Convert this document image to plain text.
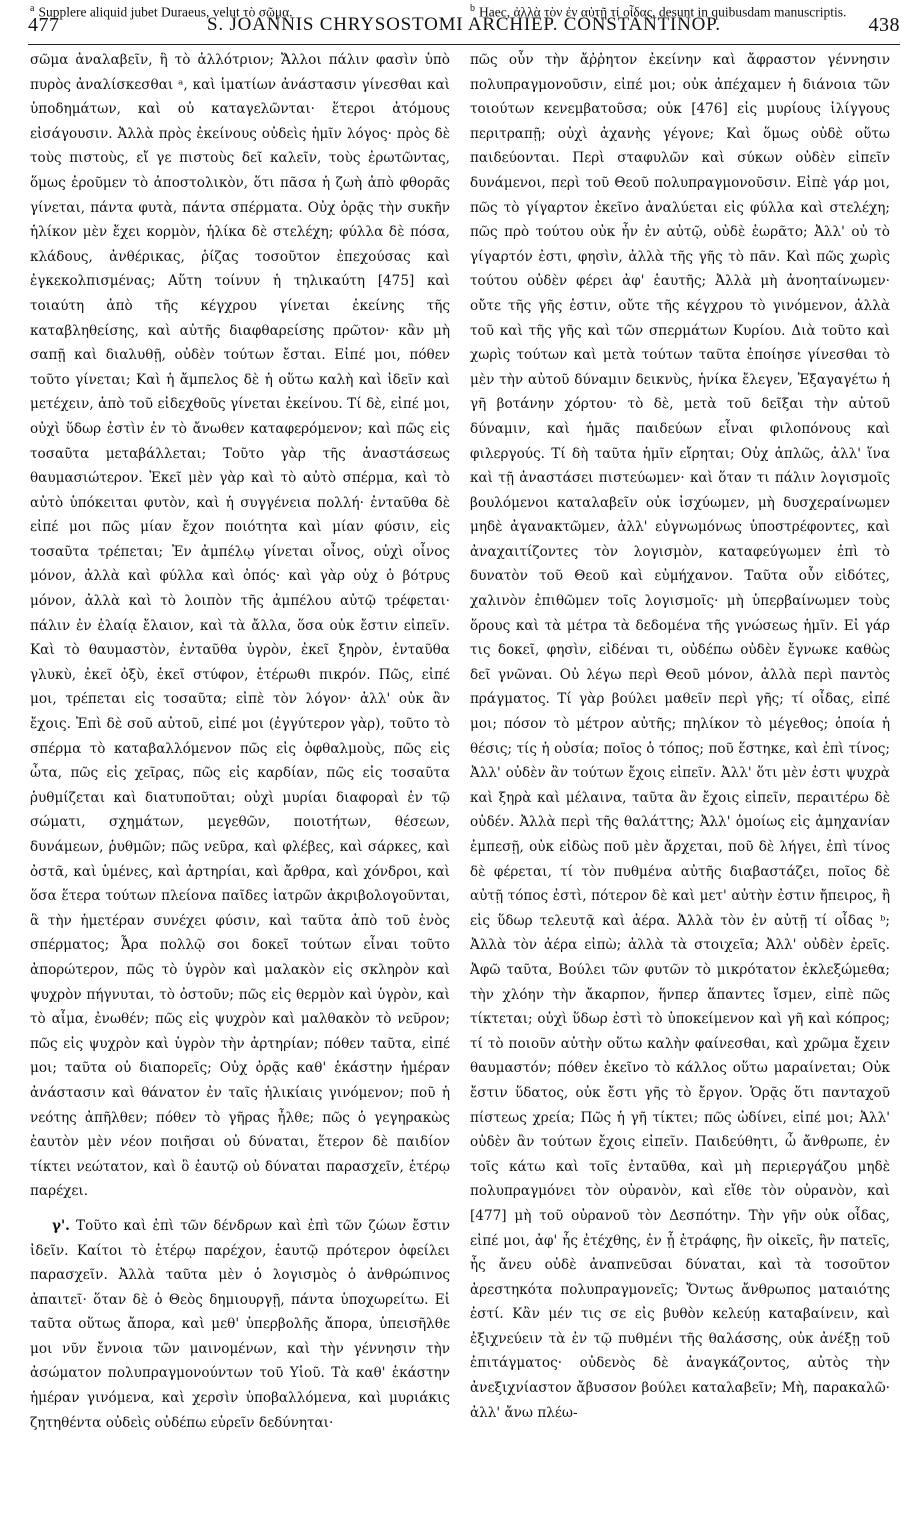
477	S. JOANNIS CHRYSOSTOMI ARCHIEP. CONSTANTINOP.	438

σῶμα ἀναλαβεῖν, ἢ τὸ ἀλλότριον; Ἄλλοι πάλιν φασὶν ὑπὸ πυρὸς ἀναλίσκεσθαι ᵃ, καὶ ἱματίων ἀνάστασιν γίνεσθαι καὶ ὑποδημάτων, καὶ οὐ καταγελῶνται· ἕτεροι ἀτόμους εἰσάγουσιν. Ἀλλὰ πρὸς ἐκείνους οὐδεὶς ἡμῖν λόγος· πρὸς δὲ τοὺς πιστοὺς, εἴ γε πιστοὺς δεῖ καλεῖν, τοὺς ἐρωτῶντας, ὅμως ἐροῦμεν τὸ ἀποστολικὸν, ὅτι πᾶσα ἡ ζωὴ ἀπὸ φθορᾶς γίνεται, πάντα φυτὰ, πάντα σπέρματα. Οὐχ ὁρᾷς τὴν συκῆν ἡλίκον μὲν ἔχει κορμὸν, ἡλίκα δὲ στελέχη; φύλλα δὲ πόσα, κλάδους, ἀνθέρικας, ῥίζας τοσοῦτον ἐπεχούσας καὶ ἐγκεκολπισμένας; Αὕτη τοίνυν ἡ τηλικαύτη [475] καὶ τοιαύτη ἀπὸ τῆς κέγχρου γίνεται ἐκείνης τῆς καταβληθείσης, καὶ αὐτῆς διαφθαρείσης πρῶτον· κἂν μὴ σαπῇ καὶ διαλυθῇ, οὐδὲν τούτων ἔσται. Εἰπέ μοι, πόθεν τοῦτο γίνεται; Καὶ ἡ ἄμπελος δὲ ἡ οὕτω καλὴ καὶ ἰδεῖν καὶ μετέχειν, ἀπὸ τοῦ εἰδεχθοῦς γίνεται ἐκείνου. Τί δὲ, εἰπέ μοι, οὐχὶ ὕδωρ ἐστὶν ἐν τὸ ἄνωθεν καταφερόμενον; καὶ πῶς εἰς τοσαῦτα μεταβάλλεται; Τοῦτο γὰρ τῆς ἀναστάσεως θαυμασιώτερον. Ἐκεῖ μὲν γὰρ καὶ τὸ αὐτὸ σπέρμα, καὶ τὸ αὐτὸ ὑπόκειται φυτὸν, καὶ ἡ συγγένεια πολλή· ἐνταῦθα δὲ εἰπέ μοι πῶς μίαν ἔχον ποιότητα καὶ μίαν φύσιν, εἰς τοσαῦτα τρέπεται; Ἐν ἀμπέλῳ γίνεται οἶνος, οὐχὶ οἶνος μόνον, ἀλλὰ καὶ φύλλα καὶ ὀπός· καὶ γὰρ οὐχ ὁ βότρυς μόνον, ἀλλὰ καὶ τὸ λοιπὸν τῆς ἀμπέλου αὐτῷ τρέφεται· πάλιν ἐν ἐλαίᾳ ἔλαιον, καὶ τὰ ἄλλα, ὅσα οὐκ ἔστιν εἰπεῖν. Καὶ τὸ θαυμαστὸν, ἐνταῦθα ὑγρὸν, ἐκεῖ ξηρὸν, ἐνταῦθα γλυκὺ, ἐκεῖ ὀξὺ, ἐκεῖ στύφον, ἑτέρωθι πικρόν. Πῶς, εἰπέ μοι, τρέπεται εἰς τοσαῦτα; εἰπὲ τὸν λόγον· ἀλλ' οὐκ ἂν ἔχοις. Ἐπὶ δὲ σοῦ αὐτοῦ, εἰπέ μοι (ἐγγύτερον γὰρ), τοῦτο τὸ σπέρμα τὸ καταβαλλόμενον πῶς εἰς ὀφθαλμοὺς, πῶς εἰς ὦτα, πῶς εἰς χεῖρας, πῶς εἰς καρδίαν, πῶς εἰς τοσαῦτα ῥυθμίζεται καὶ διατυποῦται; οὐχὶ μυρίαι διαφοραὶ ἐν τῷ σώματι, σχημάτων, μεγεθῶν, ποιοτήτων, θέσεων, δυνάμεων, ῥυθμῶν; πῶς νεῦρα, καὶ φλέβες, καὶ σάρκες, καὶ ὀστᾶ, καὶ ὑμένες, καὶ ἀρτηρίαι, καὶ ἄρθρα, καὶ χόνδροι, καὶ ὅσα ἕτερα τούτων πλείονα παῖδες ἰατρῶν ἀκριβολογοῦνται, ἃ τὴν ἡμετέραν συνέχει φύσιν, καὶ ταῦτα ἀπὸ τοῦ ἑνὸς σπέρματος; Ἆρα πολλῷ σοι δοκεῖ τούτων εἶναι τοῦτο ἀπορώτερον, πῶς τὸ ὑγρὸν καὶ μαλακὸν εἰς σκληρὸν καὶ ψυχρὸν πήγνυται, τὸ ὀστοῦν; πῶς εἰς θερμὸν καὶ ὑγρὸν, καὶ τὸ αἷμα, ἐνωθέν; πῶς εἰς ψυχρὸν καὶ μαλθακὸν τὸ νεῦρον; πῶς εἰς ψυχρὸν καὶ ὑγρὸν τὴν ἀρτηρίαν; πόθεν ταῦτα, εἰπέ μοι; ταῦτα οὐ διαπορεῖς; Οὐχ ὁρᾷς καθ' ἑκάστην ἡμέραν ἀνάστασιν καὶ θάνατον ἐν ταῖς ἡλικίαις γινόμενον; ποῦ ἡ νεότης ἀπῆλθεν; πόθεν τὸ γῆρας ἦλθε; πῶς ὁ γεγηρακὼς ἑαυτὸν μὲν νέον ποιῆσαι οὐ δύναται, ἕτερον δὲ παιδίον τίκτει νεώτατον, καὶ ὃ ἑαυτῷ οὐ δύναται παρασχεῖν, ἑτέρῳ παρέχει.

γ'. Τοῦτο καὶ ἐπὶ τῶν δένδρων καὶ ἐπὶ τῶν ζώων ἔστιν ἰδεῖν. Καίτοι τὸ ἑτέρῳ παρέχον, ἑαυτῷ πρότερον ὀφείλει παρασχεῖν. Ἀλλὰ ταῦτα μὲν ὁ λογισμὸς ὁ ἀνθρώπινος ἀπαιτεῖ· ὅταν δὲ ὁ Θεὸς δημιουργῇ, πάντα ὑποχωρείτω. Εἰ ταῦτα οὕτως ἄπορα, καὶ μεθ' ὑπερβολῆς ἄπορα, ὑπεισῆλθε μοι νῦν ἔννοια τῶν μαινομένων, καὶ τὴν γέννησιν τὴν ἀσώματον πολυπραγμονούντων τοῦ Υἱοῦ. Τὰ καθ' ἑκάστην ἡμέραν γινόμενα, καὶ χερσὶν ὑποβαλλόμενα, καὶ μυριάκις ζητηθέντα οὐδεὶς οὐδέπω εὑρεῖν δεδύνηται·

πῶς οὖν τὴν ἄῤῥητον ἐκείνην καὶ ἄφραστον γέννησιν πολυπραγμονοῦσιν, εἰπέ μοι; οὐκ ἀπέχαμεν ἡ διάνοια τῶν τοιούτων κενεμβατοῦσα; οὐκ [476] εἰς μυρίους ἰλίγγους περιτραπῇ; οὐχὶ ἀχανὴς γέγονε; Καὶ ὅμως οὐδὲ οὕτω παιδεύονται. Περὶ σταφυλῶν καὶ σύκων οὐδὲν εἰπεῖν δυνάμενοι, περὶ τοῦ Θεοῦ πολυπραγμονοῦσιν. Εἰπὲ γάρ μοι, πῶς τὸ γίγαρτον ἐκεῖνο ἀναλύεται εἰς φύλλα καὶ στελέχη; πῶς πρὸ τούτου οὐκ ἦν ἐν αὐτῷ, οὐδὲ ἑωρᾶτο; Ἀλλ' οὐ τὸ γίγαρτόν ἐστι, φησὶν, ἀλλὰ τῆς γῆς τὸ πᾶν. Καὶ πῶς χωρὶς τούτου οὐδὲν φέρει ἀφ' ἑαυτῆς; Ἀλλὰ μὴ ἀνοηταίνωμεν· οὔτε τῆς γῆς ἐστιν, οὔτε τῆς κέγχρου τὸ γινόμενον, ἀλλὰ τοῦ καὶ τῆς γῆς καὶ τῶν σπερμάτων Κυρίου. Διὰ τοῦτο καὶ χωρὶς τούτων καὶ μετὰ τούτων ταῦτα ἐποίησε γίνεσθαι τὸ μὲν τὴν αὐτοῦ δύναμιν δεικνὺς, ἡνίκα ἔλεγεν, Ἐξαγαγέτω ἡ γῆ βοτάνην χόρτου· τὸ δὲ, μετὰ τοῦ δεῖξαι τὴν αὐτοῦ δύναμιν, καὶ ἡμᾶς παιδεύων εἶναι φιλοπόνους καὶ φιλεργούς. Τί δὴ ταῦτα ἡμῖν εἴρηται; Οὐχ ἁπλῶς, ἀλλ' ἵνα καὶ τῇ ἀναστάσει πιστεύωμεν· καὶ ὅταν τι πάλιν λογισμοῖς βουλόμενοι καταλαβεῖν οὐκ ἰσχύωμεν, μὴ δυσχεραίνωμεν μηδὲ ἀγανακτῶμεν, ἀλλ' εὐγνωμόνως ὑποστρέφοντες, καὶ ἀναχαιτίζοντες τὸν λογισμὸν, καταφεύγωμεν ἐπὶ τὸ δυνατὸν τοῦ Θεοῦ καὶ εὐμήχανον. Ταῦτα οὖν εἰδότες, χαλινὸν ἐπιθῶμεν τοῖς λογισμοῖς· μὴ ὑπερβαίνωμεν τοὺς ὅρους καὶ τὰ μέτρα τὰ δεδομένα τῆς γνώσεως ἡμῖν. Εἰ γάρ τις δοκεῖ, φησὶν, εἰδέναι τι, οὐδέπω οὐδὲν ἔγνωκε καθὼς δεῖ γνῶναι. Οὐ λέγω περὶ Θεοῦ μόνον, ἀλλὰ περὶ παντὸς πράγματος. Τί γὰρ βούλει μαθεῖν περὶ γῆς; τί οἶδας, εἰπέ μοι; πόσον τὸ μέτρον αὐτῆς; πηλίκον τὸ μέγεθος; ὁποία ἡ θέσις; τίς ἡ οὐσία; ποῖος ὁ τόπος; ποῦ ἕστηκε, καὶ ἐπὶ τίνος; Ἀλλ' οὐδὲν ἂν τούτων ἔχοις εἰπεῖν. Ἀλλ' ὅτι μὲν ἐστι ψυχρὰ καὶ ξηρὰ καὶ μέλαινα, ταῦτα ἂν ἔχοις εἰπεῖν, περαιτέρω δὲ οὐδέν. Ἀλλὰ περὶ τῆς θαλάττης; Ἀλλ' ὁμοίως εἰς ἀμηχανίαν ἐμπεσῇ, οὐκ εἰδὼς ποῦ μὲν ἄρχεται, ποῦ δὲ λήγει, ἐπὶ τίνος δὲ φέρεται, τί τὸν πυθμένα αὐτῆς διαβαστάζει, ποῖος δὲ αὐτῇ τόπος ἐστὶ, πότερον δὲ καὶ μετ' αὐτὴν ἐστιν ἤπειρος, ἢ εἰς ὕδωρ τελευτᾷ καὶ ἀέρα. Ἀλλὰ τὸν ἐν αὐτῇ τί οἶδας ᵇ; Ἀλλὰ τὸν ἀέρα εἰπὼ; ἀλλὰ τὰ στοιχεῖα; Ἀλλ' οὐδὲν ἐρεῖς. Ἀφῶ ταῦτα, Βούλει τῶν φυτῶν τὸ μικρότατον ἐκλεξώμεθα; τὴν χλόην τὴν ἄκαρπον, ἥνπερ ἅπαντες ἴσμεν, εἰπὲ πῶς τίκτεται; οὐχὶ ὕδωρ ἐστὶ τὸ ὑποκείμενον καὶ γῆ καὶ κόπρος; τί τὸ ποιοῦν αὐτὴν οὕτω καλὴν φαίνεσθαι, καὶ χρῶμα ἔχειν θαυμαστόν; πόθεν ἐκεῖνο τὸ κάλλος οὕτω μαραίνεται; Οὐκ ἔστιν ὕδατος, οὐκ ἔστι γῆς τὸ ἔργον. Ὁρᾷς ὅτι πανταχοῦ πίστεως χρεία; Πῶς ἡ γῆ τίκτει; πῶς ὠδίνει, εἰπέ μοι; Ἀλλ' οὐδὲν ἂν τούτων ἔχοις εἰπεῖν. Παιδεύθητι, ὦ ἄνθρωπε, ἐν τοῖς κάτω καὶ τοῖς ἐνταῦθα, καὶ μὴ περιεργάζου μηδὲ πολυπραγμόνει τὸν οὐρανὸν, καὶ εἴθε τὸν οὐρανὸν, καὶ [477] μὴ τοῦ οὐρανοῦ τὸν Δεσπότην. Τὴν γῆν οὐκ οἶδας, εἰπέ μοι, ἀφ' ἧς ἐτέχθης, ἐν ᾗ ἐτράφης, ἣν οἰκεῖς, ἣν πατεῖς, ἧς ἄνευ οὐδὲ ἀναπνεῦσαι δύναται, καὶ τὰ τοσοῦτον ἀρεστηκότα πολυπραγμονεῖς; Ὄντως ἄνθρωπος ματαιότης ἐστί. Κἂν μέν τις σε εἰς βυθὸν κελεύῃ καταβαίνειν, καὶ ἐξιχνεύειν τὰ ἐν τῷ πυθμένι τῆς θαλάσσης, οὐκ ἀνέξῃ τοῦ ἐπιτάγματος· οὐδενὸς δὲ ἀναγκάζοντος, αὐτὸς τὴν ἀνεξιχνίαστον ἄβυσσον βούλει καταλαβεῖν; Μὴ, παρακαλῶ· ἀλλ' ἄνω πλέω-

$^a$ Supplere aliquid jubet Duraeus, velut τὸ σῶμα.	$^b$ Haec, ἀλλὰ τὸν ἐν αὐτῇ τί οἶδας, desunt in quibusdam manuscriptis.
